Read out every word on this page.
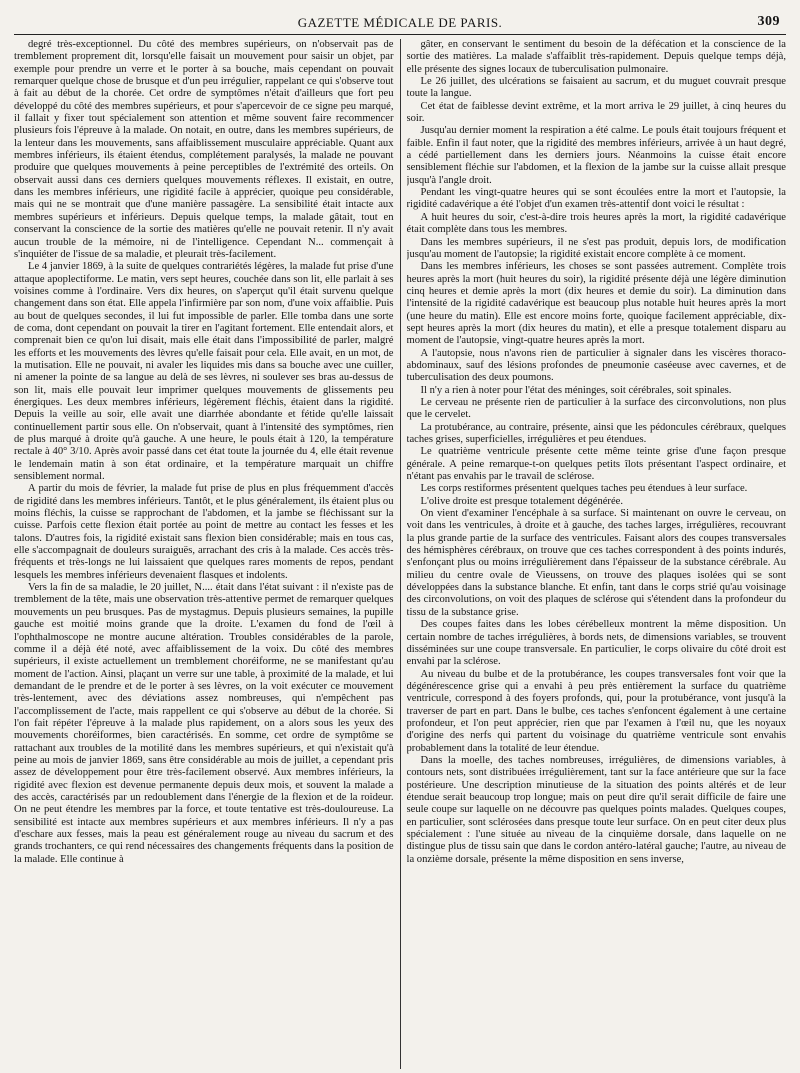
GAZETTE MÉDICALE DE PARIS.	309

degré très-exceptionnel. Du côté des membres supérieurs, on n'observait pas de tremblement proprement dit, lorsqu'elle faisait un mouvement pour saisir un objet, par exemple pour prendre un verre et le porter à sa bouche, mais cependant on pouvait remarquer quelque chose de brusque et d'un peu irrégulier, rappelant ce qui s'observe tout à fait au début de la chorée. Cet ordre de symptômes n'était d'ailleurs que fort peu développé du côté des membres supérieurs, et pour s'apercevoir de ce signe peu marqué, il fallait y fixer tout spécialement son attention et même souvent faire recommencer plusieurs fois l'épreuve à la malade. On notait, en outre, dans les membres supérieurs, de la lenteur dans les mouvements, sans affaiblissement musculaire appréciable. Quant aux membres inférieurs, ils étaient étendus, complétement paralysés, la malade ne pouvant produire que quelques mouvements à peine perceptibles de l'extrémité des orteils. On observait aussi dans ces derniers quelques mouvements réflexes. Il existait, en outre, dans les membres inférieurs, une rigidité facile à apprécier, quoique peu considérable, mais qui ne se montrait que d'une manière passagère. La sensibilité était intacte aux membres supérieurs et inférieurs. Depuis quelque temps, la malade gâtait, tout en conservant la conscience de la sortie des matières qu'elle ne pouvait retenir. Il n'y avait aucun trouble de la mémoire, ni de l'intelligence. Cependant N... commençait à s'inquiéter de l'issue de sa maladie, et pleurait très-facilement.

Le 4 janvier 1869, à la suite de quelques contrariétés légères, la malade fut prise d'une attaque apoplectiforme. Le matin, vers sept heures, couchée dans son lit, elle parlait à ses voisines comme à l'ordinaire. Vers dix heures, on s'aperçut qu'il était survenu quelque changement dans son état. Elle appela l'infirmière par son nom, d'une voix affaiblie. Puis au bout de quelques secondes, il lui fut impossible de parler. Elle tomba dans une sorte de coma, dont cependant on pouvait la tirer en l'agitant fortement. Elle entendait alors, et comprenait bien ce qu'on lui disait, mais elle était dans l'impossibilité de parler, malgré les efforts et les mouvements des lèvres qu'elle faisait pour cela. Elle avait, en un mot, de la mutisation. Elle ne pouvait, ni avaler les liquides mis dans sa bouche avec une cuiller, ni amener la pointe de sa langue au delà de ses lèvres, ni soulever ses bras au-dessus de son lit, mais elle pouvait leur imprimer quelques mouvements de glissements peu énergiques. Les deux membres inférieurs, légèrement fléchis, étaient dans la rigidité. Depuis la veille au soir, elle avait une diarrhée abondante et fétide qu'elle laissait continuellement partir sous elle. On n'observait, quant à l'intensité des symptômes, rien de plus marqué à droite qu'à gauche. A une heure, le pouls était à 120, la température rectale à 40° 3/10. Après avoir passé dans cet état toute la journée du 4, elle était revenue le lendemain matin à son état ordinaire, et la température marquait un chiffre sensiblement normal.

A partir du mois de février, la malade fut prise de plus en plus fréquemment d'accès de rigidité dans les membres inférieurs. Tantôt, et le plus généralement, ils étaient plus ou moins fléchis, la cuisse se rapprochant de l'abdomen, et la jambe se fléchissant sur la cuisse. Parfois cette flexion était portée au point de mettre au contact les fesses et les talons. D'autres fois, la rigidité existait sans flexion bien considérable; mais en tous cas, elle s'accompagnait de douleurs suraiguës, arrachant des cris à la malade. Ces accès très-fréquents et très-longs ne lui laissaient que quelques rares moments de repos, pendant lesquels les membres inférieurs devenaient flasques et indolents.

Vers la fin de sa maladie, le 20 juillet, N.... était dans l'état suivant : il n'existe pas de tremblement de la tête, mais une observation très-attentive permet de remarquer quelques mouvements un peu brusques. Pas de mystagmus. Depuis plusieurs semaines, la pupille gauche est moitié moins grande que la droite. L'examen du fond de l'œil à l'ophthalmoscope ne montre aucune altération. Troubles considérables de la parole, comme il a déjà été noté, avec affaiblissement de la voix. Du côté des membres supérieurs, il existe actuellement un tremblement choréiforme, ne se manifestant qu'au moment de l'action. Ainsi, plaçant un verre sur une table, à proximité de la malade, et lui demandant de le prendre et de le porter à ses lèvres, on la voit exécuter ce mouvement très-lentement, avec des déviations assez nombreuses, qui n'empêchent pas l'accomplissement de l'acte, mais rappellent ce qui s'observe au début de la chorée. Si l'on fait répéter l'épreuve à la malade plus rapidement, on a alors sous les yeux des mouvements choréiformes, bien caractérisés. En somme, cet ordre de symptôme se rattachant aux troubles de la motilité dans les membres supérieurs, et qui n'existait qu'à peine au mois de janvier 1869, sans être considérable au mois de juillet, a cependant pris assez de développement pour être très-facilement observé. Aux membres inférieurs, la rigidité avec flexion est devenue permanente depuis deux mois, et souvent la malade a des accès, caractérisés par un redoublement dans l'énergie de la flexion et de la roideur. On ne peut étendre les membres par la force, et toute tentative est très-douloureuse. La sensibilité est intacte aux membres supérieurs et aux membres inférieurs. Il n'y a pas d'eschare aux fesses, mais la peau est généralement rouge au niveau du sacrum et des grands trochanters, ce qui rend nécessaires des changements fréquents dans la position de la malade. Elle continue à

gâter, en conservant le sentiment du besoin de la défécation et la conscience de la sortie des matières. La malade s'affaiblit très-rapidement. Depuis quelque temps déjà, elle présente des signes locaux de tuberculisation pulmonaire.

Le 26 juillet, des ulcérations se faisaient au sacrum, et du muguet couvrait presque toute la langue.

Cet état de faiblesse devint extrême, et la mort arriva le 29 juillet, à cinq heures du soir.

Jusqu'au dernier moment la respiration a été calme. Le pouls était toujours fréquent et faible. Enfin il faut noter, que la rigidité des membres inférieurs, arrivée à un haut degré, a cédé partiellement dans les derniers jours. Néanmoins la cuisse était encore sensiblement fléchie sur l'abdomen, et la flexion de la jambe sur la cuisse allait presque jusqu'à l'angle droit.

Pendant les vingt-quatre heures qui se sont écoulées entre la mort et l'autopsie, la rigidité cadavérique a été l'objet d'un examen très-attentif dont voici le résultat :

A huit heures du soir, c'est-à-dire trois heures après la mort, la rigidité cadavérique était complète dans tous les membres.

Dans les membres supérieurs, il ne s'est pas produit, depuis lors, de modification jusqu'au moment de l'autopsie; la rigidité existait encore complète à ce moment.

Dans les membres inférieurs, les choses se sont passées autrement. Complète trois heures après la mort (huit heures du soir), la rigidité présente déjà une légère diminution cinq heures et demie après la mort (dix heures et demie du soir). La diminution dans l'intensité de la rigidité cadavérique est beaucoup plus notable huit heures après la mort (une heure du matin). Elle est encore moins forte, quoique facilement appréciable, dix-sept heures après la mort (dix heures du matin), et elle a presque totalement disparu au moment de l'autopsie, vingt-quatre heures après la mort.

A l'autopsie, nous n'avons rien de particulier à signaler dans les viscères thoraco-abdominaux, sauf des lésions profondes de pneumonie caséeuse avec cavernes, et de tuberculisation des deux poumons.

Il n'y a rien à noter pour l'état des méninges, soit cérébrales, soit spinales.

Le cerveau ne présente rien de particulier à la surface des circonvolutions, non plus que le cervelet.

La protubérance, au contraire, présente, ainsi que les pédoncules cérébraux, quelques taches grises, superficielles, irrégulières et peu étendues.

Le quatrième ventricule présente cette même teinte grise d'une façon presque générale. A peine remarque-t-on quelques petits îlots présentant l'aspect ordinaire, et n'étant pas envahis par le travail de sclérose.

Les corps restiformes présentent quelques taches peu étendues à leur surface.

L'olive droite est presque totalement dégénérée.

On vient d'examiner l'encéphale à sa surface. Si maintenant on ouvre le cerveau, on voit dans les ventricules, à droite et à gauche, des taches larges, irrégulières, recouvrant la plus grande partie de la surface des ventricules. Faisant alors des coupes transversales des hémisphères cérébraux, on trouve que ces taches correspondent à des points indurés, s'enfonçant plus ou moins irrégulièrement dans l'épaisseur de la substance cérébrale. Au milieu du centre ovale de Vieussens, on trouve des plaques isolées qui se sont développées dans la substance blanche. Et enfin, tant dans le corps strié qu'au voisinage des circonvolutions, on voit des plaques de sclérose qui s'étendent dans la profondeur du tissu de la substance grise.

Des coupes faites dans les lobes cérébelleux montrent la même disposition. Un certain nombre de taches irrégulières, à bords nets, de dimensions variables, se trouvent disséminées sur une coupe transversale. En particulier, le corps olivaire du côté droit est envahi par la sclérose.

Au niveau du bulbe et de la protubérance, les coupes transversales font voir que la dégénérescence grise qui a envahi à peu près entièrement la surface du quatrième ventricule, correspond à des foyers profonds, qui, pour la protubérance, vont jusqu'à la traverser de part en part. Dans le bulbe, ces taches s'enfoncent également à une certaine profondeur, et l'on peut apprécier, rien que par l'examen à l'œil nu, que les noyaux d'origine des nerfs qui partent du voisinage du quatrième ventricule sont envahis probablement dans la totalité de leur étendue.

Dans la moelle, des taches nombreuses, irrégulières, de dimensions variables, à contours nets, sont distribuées irrégulièrement, tant sur la face antérieure que sur la face postérieure. Une description minutieuse de la situation des points altérés et de leur étendue serait beaucoup trop longue; mais on peut dire qu'il serait difficile de faire une seule coupe sur laquelle on ne découvre pas quelques points malades. Quelques coupes, en particulier, sont sclérosées dans presque toute leur surface. On en peut citer deux plus spécialement : l'une située au niveau de la cinquième dorsale, dans laquelle on ne distingue plus de tissu sain que dans le cordon antéro-latéral gauche; l'autre, au niveau de la onzième dorsale, présente la même disposition en sens inverse,
